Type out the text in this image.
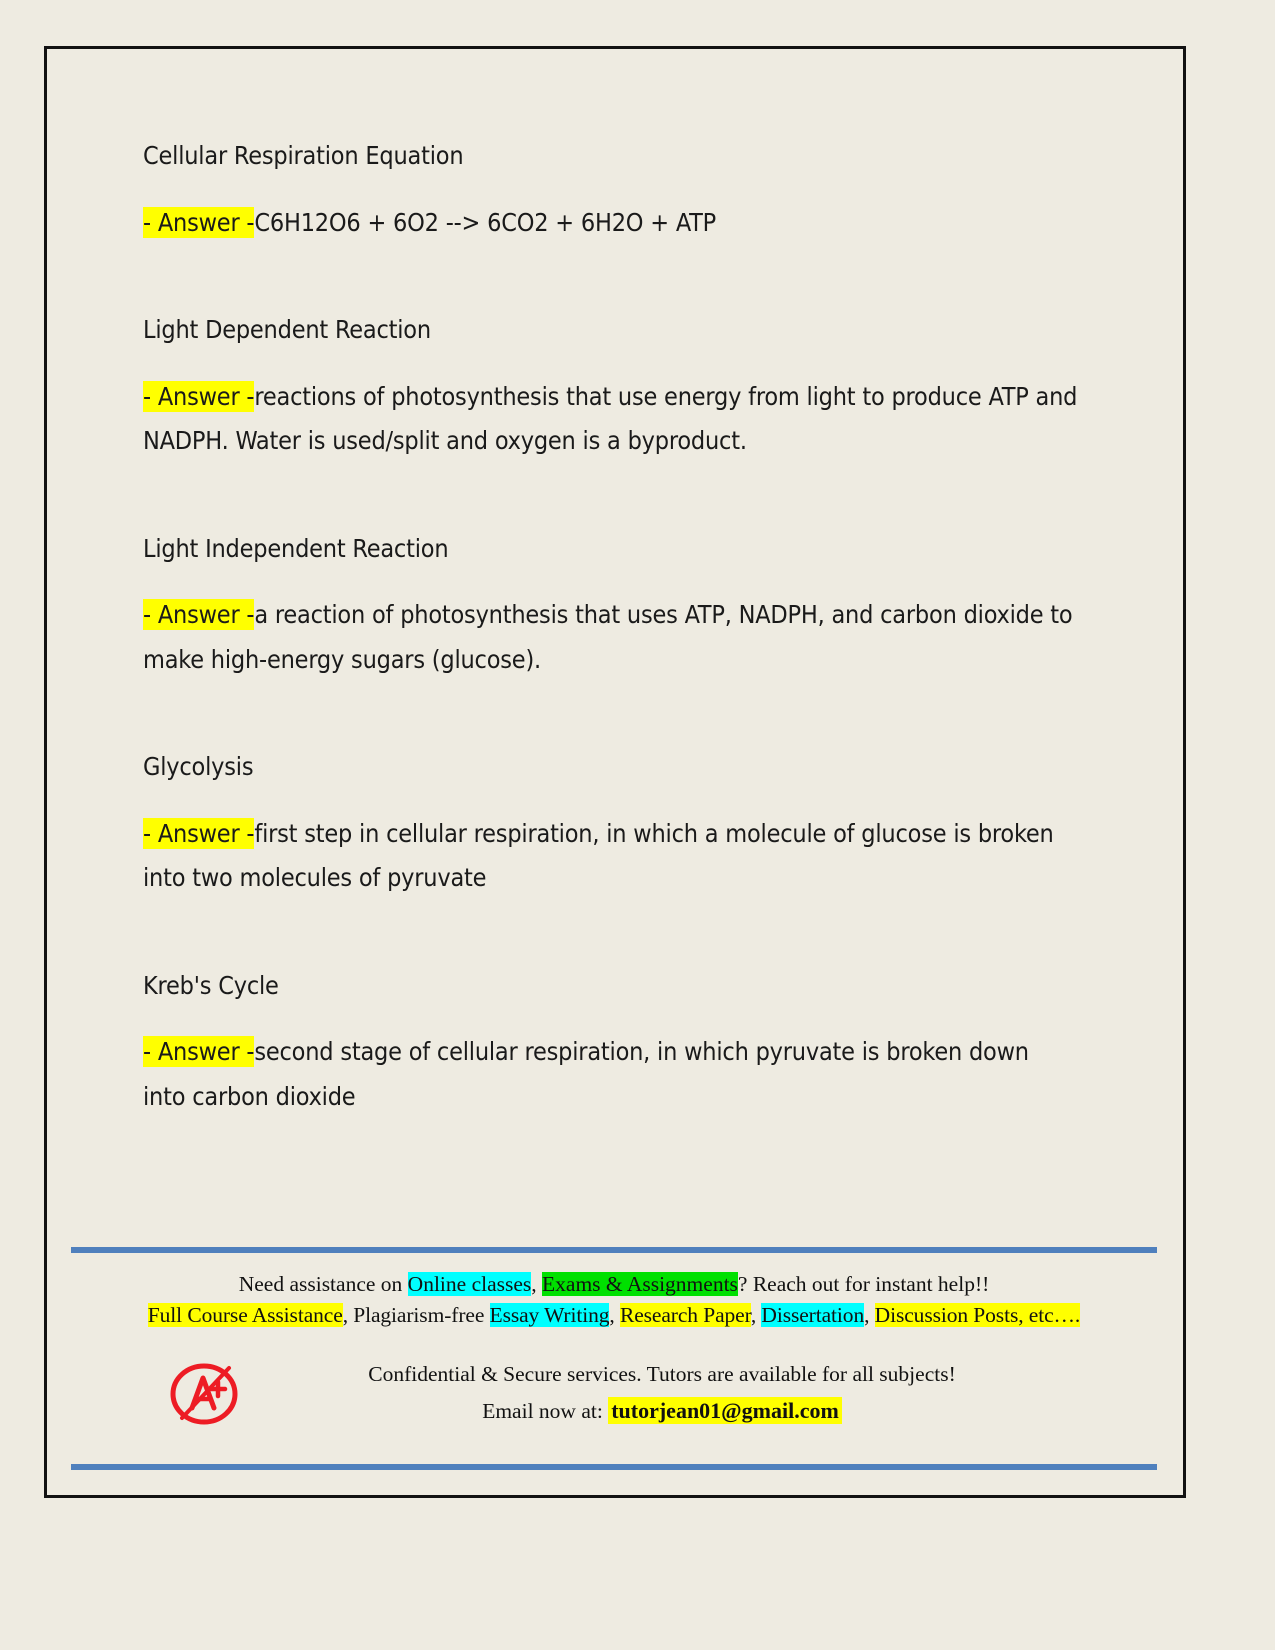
Cellular Respiration Equation
- Answer -C6H12O6 + 6O2 --> 6CO2 + 6H2O + ATP
Light Dependent Reaction
- Answer -reactions of photosynthesis that use energy from light to produce ATP and NADPH. Water is used/split and oxygen is a byproduct.
Light Independent Reaction
- Answer -a reaction of photosynthesis that uses ATP, NADPH, and carbon dioxide to make high-energy sugars (glucose).
Glycolysis
- Answer -first step in cellular respiration, in which a molecule of glucose is broken into two molecules of pyruvate
Kreb's Cycle
- Answer -second stage of cellular respiration, in which pyruvate is broken down into carbon dioxide
Need assistance on Online classes, Exams & Assignments? Reach out for instant help!!
Full Course Assistance, Plagiarism-free Essay Writing, Research Paper, Dissertation, Discussion Posts, etc….
Confidential & Secure services. Tutors are available for all subjects!
Email now at: tutorjean01@gmail.com
